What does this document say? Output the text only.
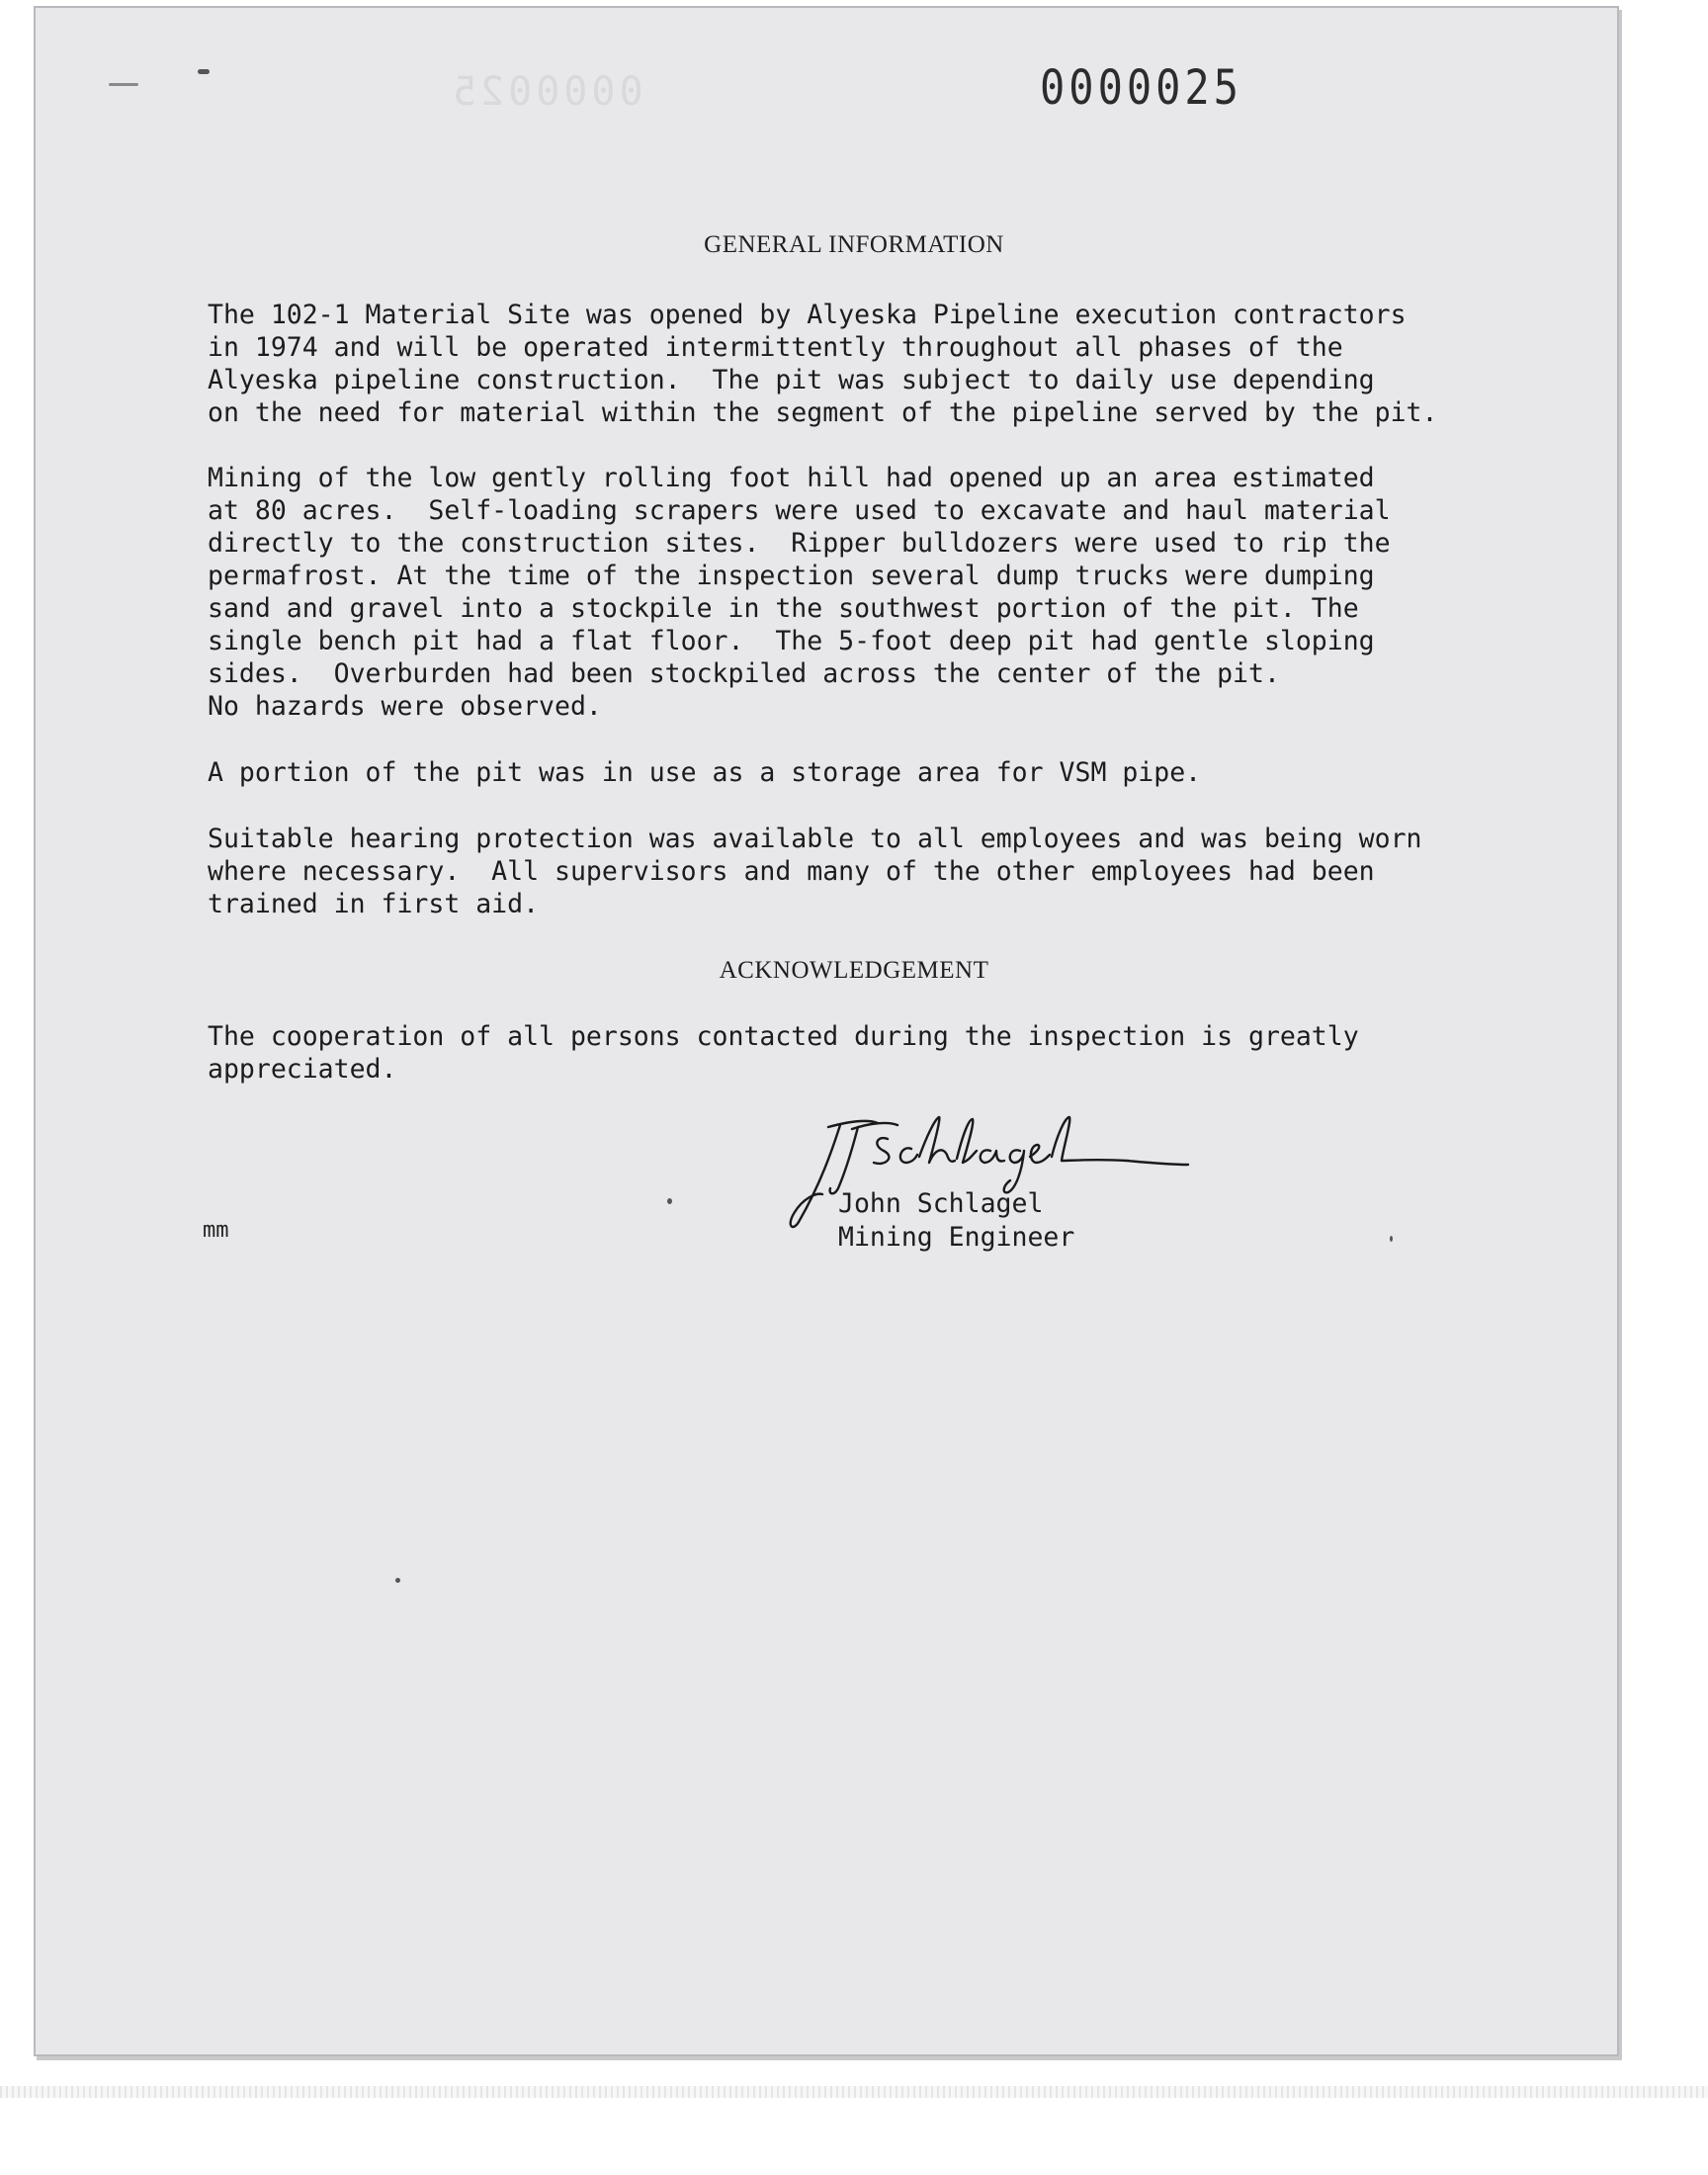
0000025	0000025
GENERAL INFORMATION

The 102-1 Material Site was opened by Alyeska Pipeline execution contractors
in 1974 and will be operated intermittently throughout all phases of the
Alyeska pipeline construction.  The pit was subject to daily use depending
on the need for material within the segment of the pipeline served by the pit.

Mining of the low gently rolling foot hill had opened up an area estimated
at 80 acres.  Self-loading scrapers were used to excavate and haul material
directly to the construction sites.  Ripper bulldozers were used to rip the
permafrost. At the time of the inspection several dump trucks were dumping
sand and gravel into a stockpile in the southwest portion of the pit. The
single bench pit had a flat floor.  The 5-foot deep pit had gentle sloping
sides.  Overburden had been stockpiled across the center of the pit.
No hazards were observed.

A portion of the pit was in use as a storage area for VSM pipe.

Suitable hearing protection was available to all employees and was being worn
where necessary.  All supervisors and many of the other employees had been
trained in first aid.

ACKNOWLEDGEMENT

The cooperation of all persons contacted during the inspection is greatly
appreciated.

John Schlagel
Mining Engineer
mm
